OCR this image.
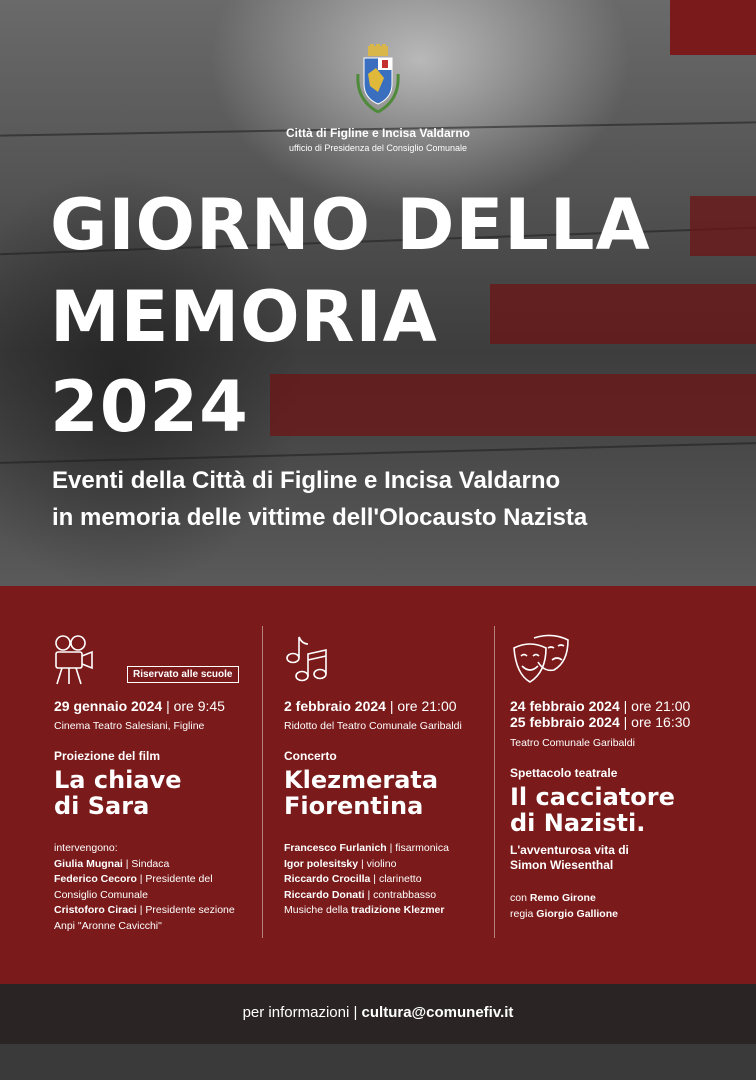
Città di Figline e Incisa Valdarno
ufficio di Presidenza del Consiglio Comunale
GIORNO DELLA
MEMORIA
2024
Eventi della Città di Figline e Incisa Valdarno
in memoria delle vittime dell'Olocausto Nazista
Riservato alle scuole
29 gennaio 2024 | ore 9:45
Cinema Teatro Salesiani, Figline
Proiezione del film
La chiave
di Sara
intervengono:
Giulia Mugnai | Sindaca
Federico Cecoro | Presidente del
Consiglio Comunale
Cristoforo Ciraci | Presidente sezione
Anpi "Aronne Cavicchi"
2 febbraio 2024 | ore 21:00
Ridotto del Teatro Comunale Garibaldi
Concerto
Klezmerata
Fiorentina
Francesco Furlanich | fisarmonica
Igor polesitsky | violino
Riccardo Crocilla | clarinetto
Riccardo Donati | contrabbasso
Musiche della tradizione Klezmer
24 febbraio 2024 | ore 21:00
25 febbraio 2024 | ore 16:30
Teatro Comunale Garibaldi
Spettacolo teatrale
Il cacciatore
di Nazisti.
L'avventurosa vita di
Simon Wiesenthal
con Remo Girone
regia Giorgio Gallione
per informazioni | cultura@comunefiv.it
